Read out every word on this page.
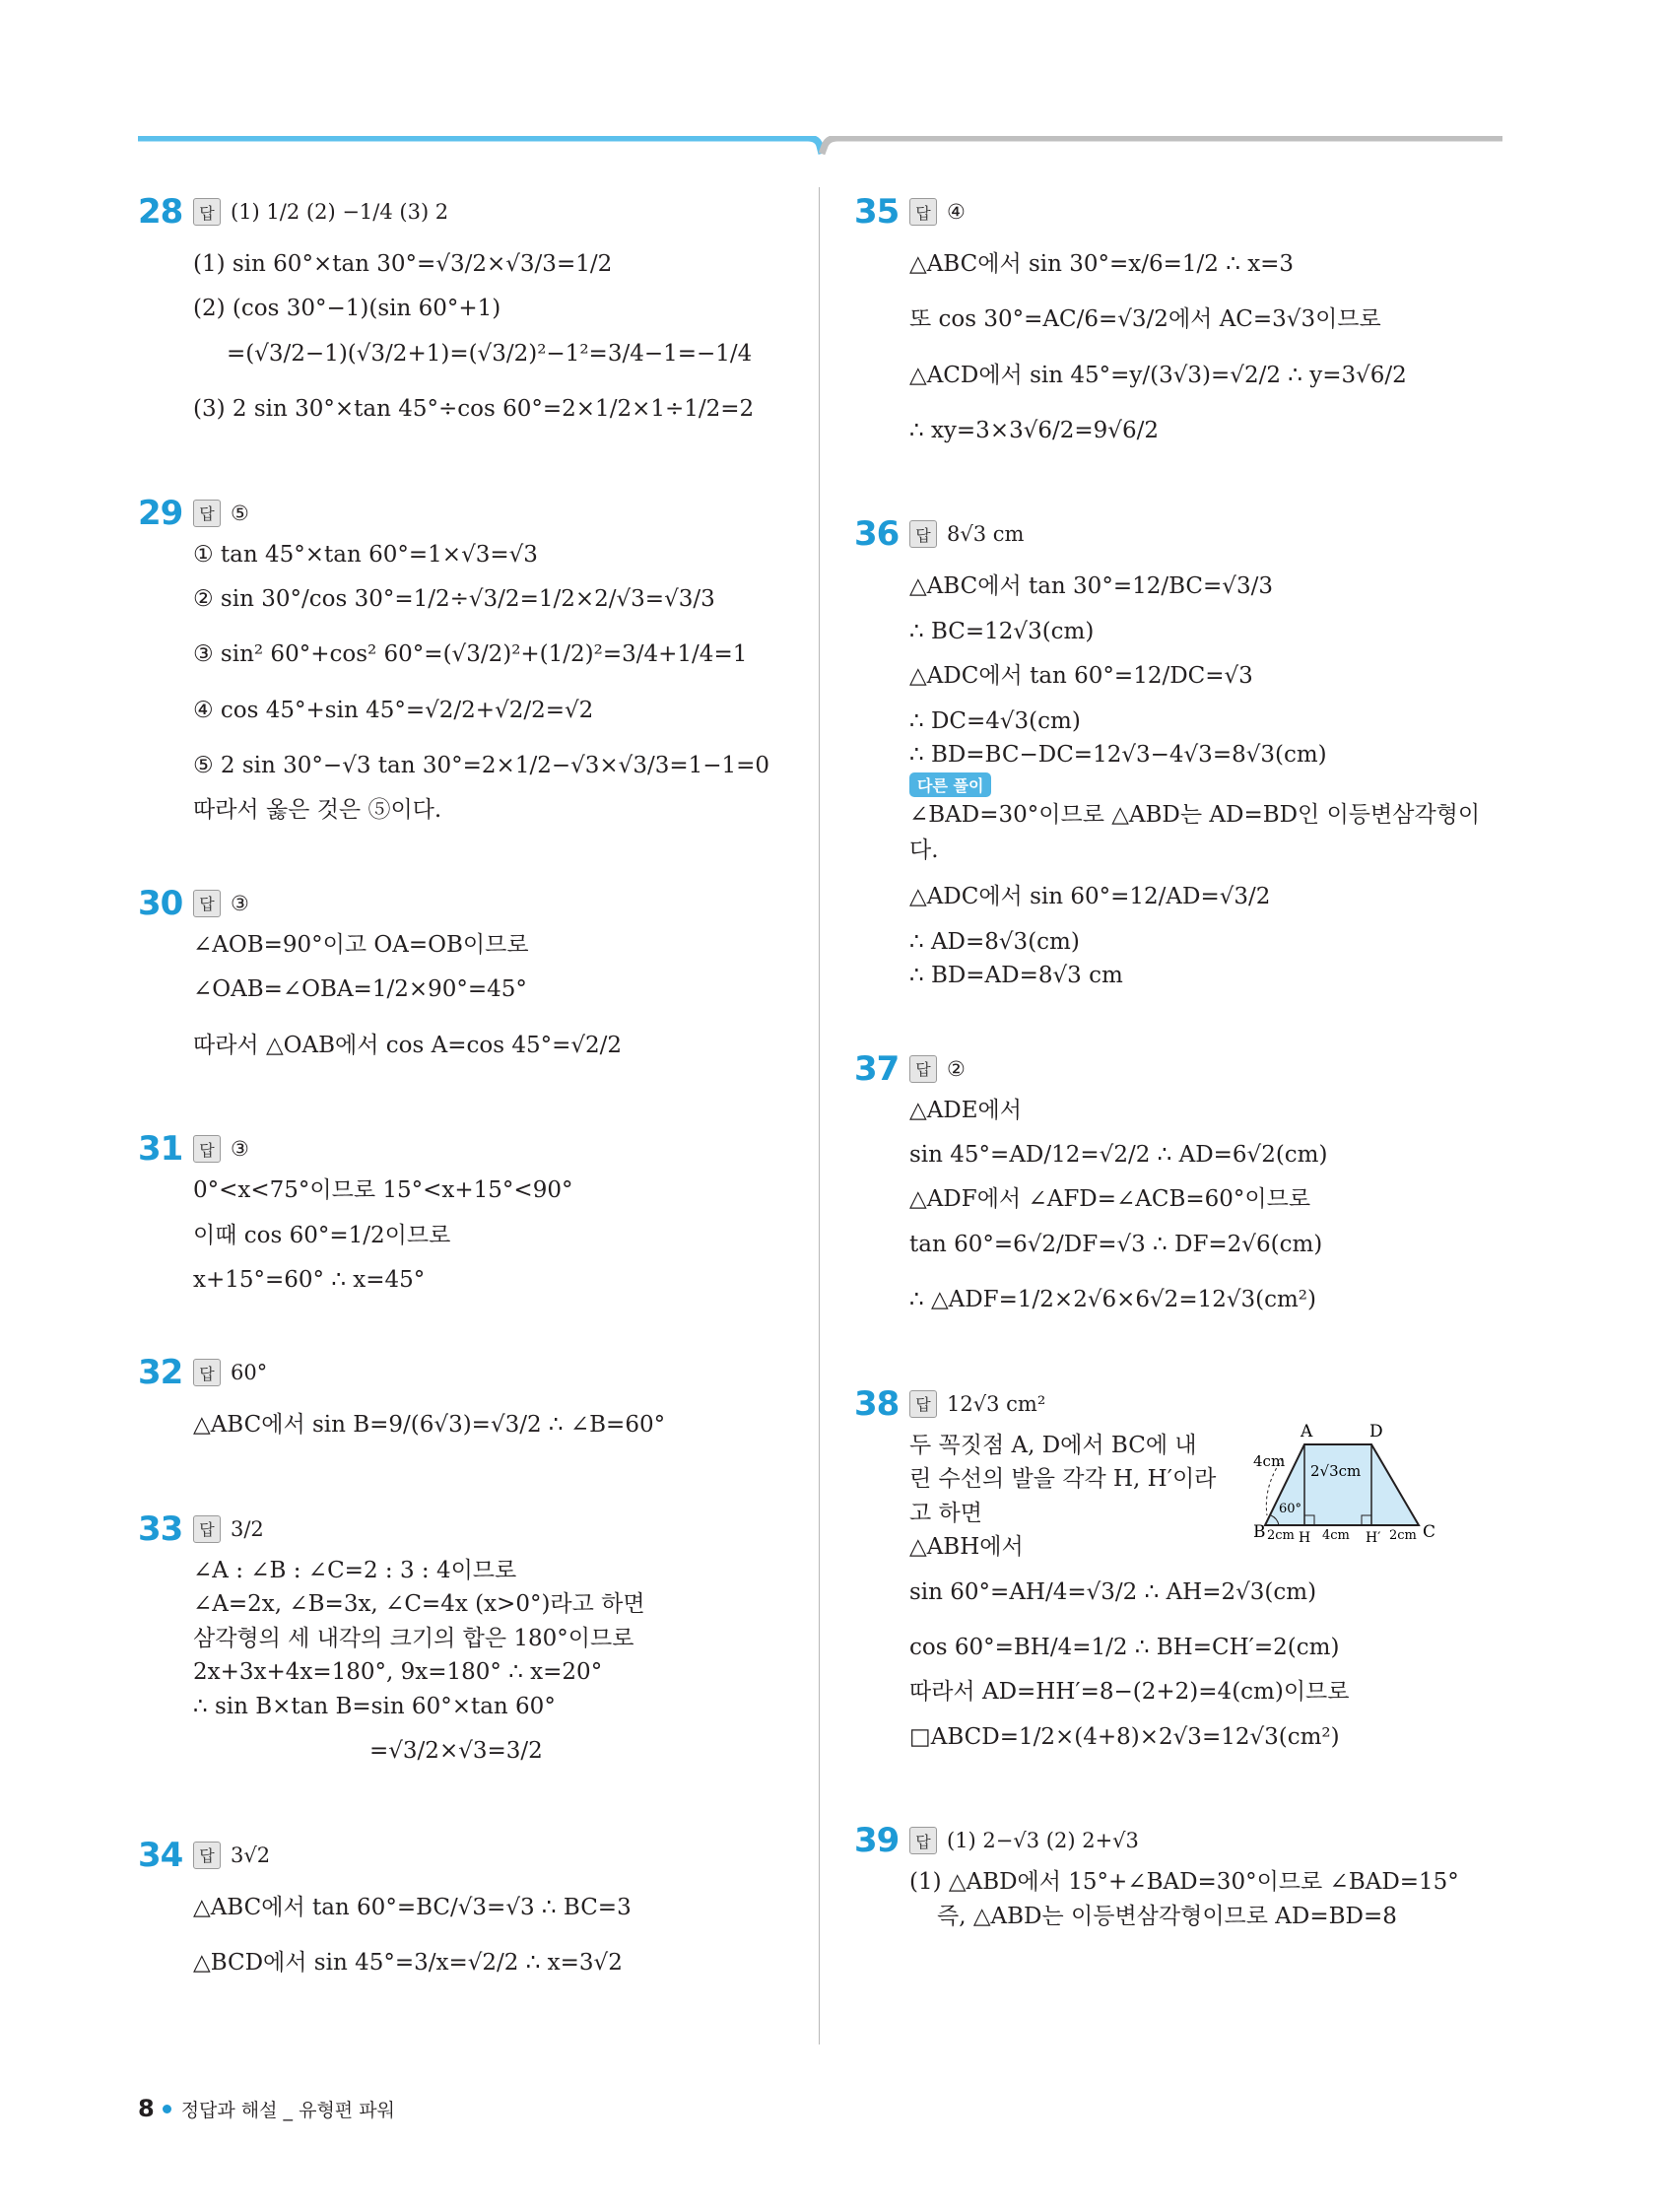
28	답 (1) 1/2 (2) −1/4 (3) 2
(1) sin 60°×tan 30°=√3/2×√3/3=1/2
(2) (cos 30°−1)(sin 60°+1)
=(√3/2−1)(√3/2+1)=(√3/2)²−1²=3/4−1=−1/4
(3) 2 sin 30°×tan 45°÷cos 60°=2×1/2×1÷1/2=2
29	답 ⑤
① tan 45°×tan 60°=1×√3=√3
② sin 30°/cos 30°=1/2÷√3/2=1/2×2/√3=√3/3
③ sin² 60°+cos² 60°=(√3/2)²+(1/2)²=3/4+1/4=1
④ cos 45°+sin 45°=√2/2+√2/2=√2
⑤ 2 sin 30°−√3 tan 30°=2×1/2−√3×√3/3=1−1=0
따라서 옳은 것은 ⑤이다.
30	답 ③
∠AOB=90°이고 OA=OB이므로
∠OAB=∠OBA=1/2×90°=45°
따라서 △OAB에서 cos A=cos 45°=√2/2
31	답 ③
0°<x<75°이므로 15°<x+15°<90°
이때 cos 60°=1/2이므로
x+15°=60° ∴ x=45°
32	답 60°
△ABC에서 sin B=9/(6√3)=√3/2 ∴ ∠B=60°
33	답 3/2
∠A : ∠B : ∠C=2 : 3 : 4이므로
∠A=2x, ∠B=3x, ∠C=4x (x>0°)라고 하면
삼각형의 세 내각의 크기의 합은 180°이므로
2x+3x+4x=180°, 9x=180° ∴ x=20°
∴ sin B×tan B=sin 60°×tan 60°
=√3/2×√3=3/2
34	답 3√2
△ABC에서 tan 60°=BC/√3=√3 ∴ BC=3
△BCD에서 sin 45°=3/x=√2/2 ∴ x=3√2
35	답 ④
△ABC에서 sin 30°=x/6=1/2 ∴ x=3
또 cos 30°=AC/6=√3/2에서 AC=3√3이므로
△ACD에서 sin 45°=y/(3√3)=√2/2 ∴ y=3√6/2
∴ xy=3×3√6/2=9√6/2
36	답 8√3 cm
△ABC에서 tan 30°=12/BC=√3/3
∴ BC=12√3(cm)
△ADC에서 tan 60°=12/DC=√3
∴ DC=4√3(cm)
∴ BD=BC−DC=12√3−4√3=8√3(cm)
다른 풀이
∠BAD=30°이므로 △ABD는 AD=BD인 이등변삼각형이다.
△ADC에서 sin 60°=12/AD=√3/2
∴ AD=8√3(cm)
∴ BD=AD=8√3 cm
37	답 ②
△ADE에서
sin 45°=AD/12=√2/2 ∴ AD=6√2(cm)
△ADF에서 ∠AFD=∠ACB=60°이므로
tan 60°=6√2/DF=√3 ∴ DF=2√6(cm)
∴ △ADF=1/2×2√6×6√2=12√3(cm²)
38	답 12√3 cm²
두 꼭짓점 A, D에서 BC에 내
린 수선의 발을 각각 H, H′이라
고 하면
△ABH에서
sin 60°=AH/4=√3/2 ∴ AH=2√3(cm)
cos 60°=BH/4=1/2 ∴ BH=CH′=2(cm)
따라서 AD=HH′=8−(2+2)=4(cm)이므로
□ABCD=1/2×(4+8)×2√3=12√3(cm²)
A	D
B	C
H	H′
4cm
2√3cm
60°
2cm 4cm	2cm
39	답 (1) 2−√3 (2) 2+√3
(1) △ABD에서 15°+∠BAD=30°이므로 ∠BAD=15°
즉, △ABD는 이등변삼각형이므로 AD=BD=8
8 정답과 해설 _ 유형편 파워
